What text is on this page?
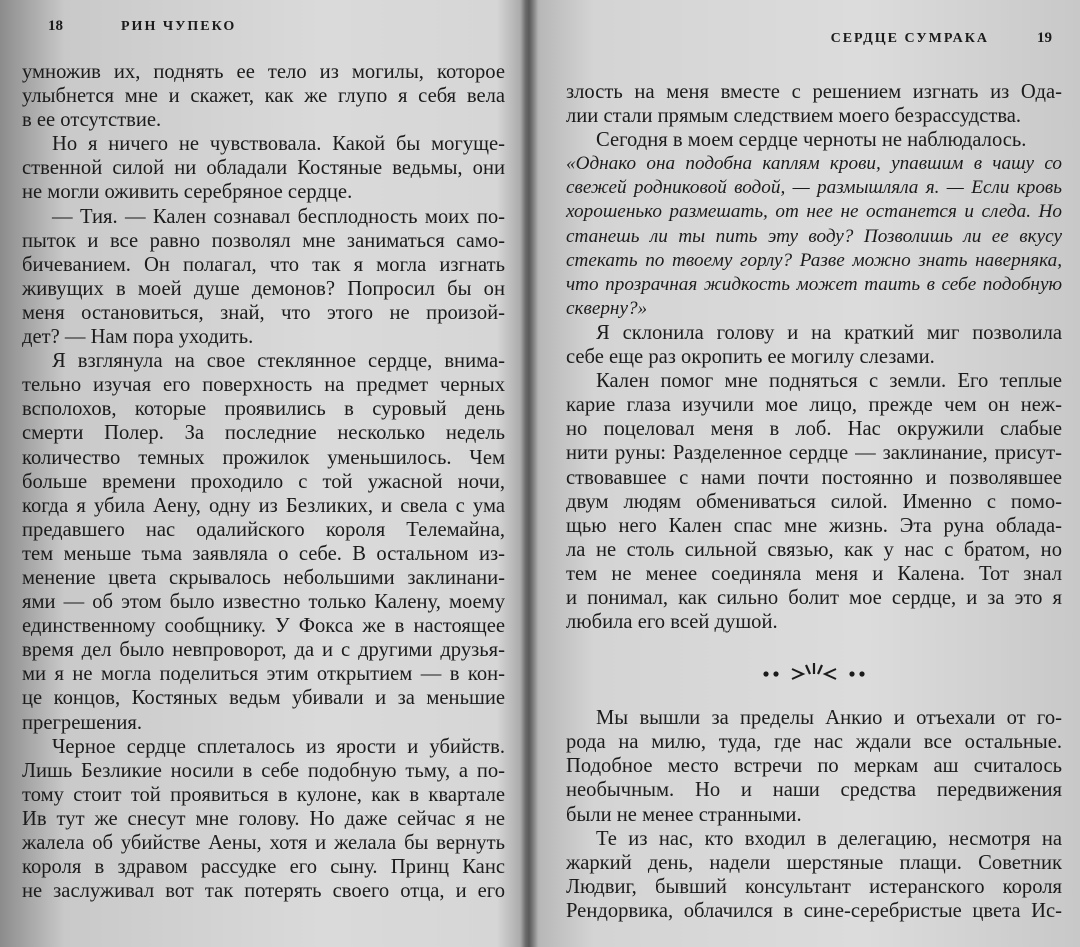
18	РИН ЧУПЕКО
умножив их, поднять ее тело из могилы, которое
улыбнется мне и скажет, как же глупо я себя вела
в ее отсутствие.
Но я ничего не чувствовала. Какой бы могуще-
ственной силой ни обладали Костяные ведьмы, они
не могли оживить серебряное сердце.
— Тия. — Кален сознавал бесплодность моих по-
пыток и все равно позволял мне заниматься само-
бичеванием. Он полагал, что так я могла изгнать
живущих в моей душе демонов? Попросил бы он
меня остановиться, знай, что этого не произой-
дет? — Нам пора уходить.
Я взглянула на свое стеклянное сердце, внима-
тельно изучая его поверхность на предмет черных
всполохов, которые проявились в суровый день
смерти Полер. За последние несколько недель
количество темных прожилок уменьшилось. Чем
больше времени проходило с той ужасной ночи,
когда я убила Аену, одну из Безликих, и свела с ума
предавшего нас одалийского короля Телемайна,
тем меньше тьма заявляла о себе. В остальном из-
менение цвета скрывалось небольшими заклинани-
ями — об этом было известно только Калену, моему
единственному сообщнику. У Фокса же в настоящее
время дел было невпроворот, да и с другими друзья-
ми я не могла поделиться этим открытием — в кон-
це концов, Костяных ведьм убивали и за меньшие
прегрешения.
Черное сердце сплеталось из ярости и убийств.
Лишь Безликие носили в себе подобную тьму, а по-
тому стоит той проявиться в кулоне, как в квартале
Ив тут же снесут мне голову. Но даже сейчас я не
жалела об убийстве Аены, хотя и желала бы вернуть
короля в здравом рассудке его сыну. Принц Канс
не заслуживал вот так потерять своего отца, и его
СЕРДЦЕ СУМРАКА	19
злость на меня вместе с решением изгнать из Ода-
лии стали прямым следствием моего безрассудства.
Сегодня в моем сердце черноты не наблюдалось.
«Однако она подобна каплям крови, упавшим в чашу со
свежей родниковой водой, — размышляла я. — Если кровь
хорошенько размешать, от нее не останется и следа. Но
станешь ли ты пить эту воду? Позволишь ли ее вкусу
стекать по твоему горлу? Разве можно знать наверняка,
что прозрачная жидкость может таить в себе подобную
скверну?»
Я склонила голову и на краткий миг позволила
себе еще раз окропить ее могилу слезами.
Кален помог мне подняться с земли. Его теплые
карие глаза изучили мое лицо, прежде чем он неж-
но поцеловал меня в лоб. Нас окружили слабые
нити руны: Разделенное сердце — заклинание, присут-
ствовавшее с нами почти постоянно и позволявшее
двум людям обмениваться силой. Именно с помо-
щью него Кален спас мне жизнь. Эта руна облада-
ла не столь сильной связью, как у нас с братом, но
тем не менее соединяла меня и Калена. Тот знал
и понимал, как сильно болит мое сердце, и за это я
любила его всей душой.
Мы вышли за пределы Анкио и отъехали от го-
рода на милю, туда, где нас ждали все остальные.
Подобное место встречи по меркам аш считалось
необычным. Но и наши средства передвижения
были не менее странными.
Те из нас, кто входил в делегацию, несмотря на
жаркий день, надели шерстяные плащи. Советник
Людвиг, бывший консультант истеранского короля
Рендорвика, облачился в сине-серебристые цвета Ис-
